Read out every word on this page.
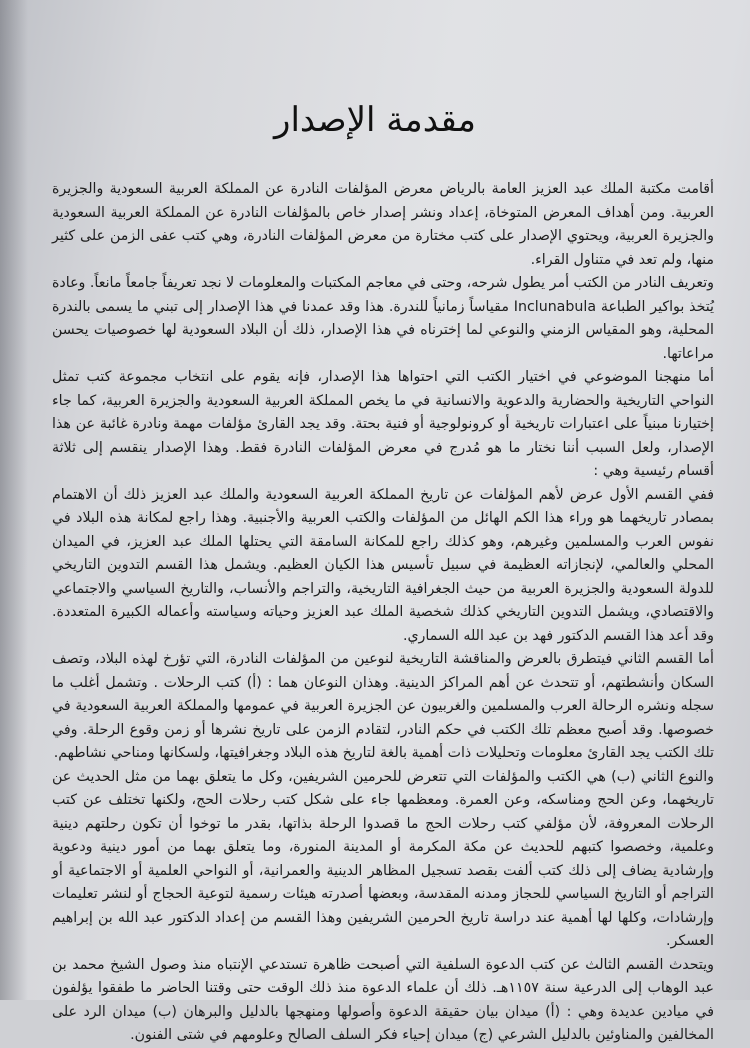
مقدمة الإصدار

أقامت مكتبة الملك عبد العزيز العامة بالرياض معرض المؤلفات النادرة عن المملكة العربية السعودية والجزيرة العربية. ومن أهداف المعرض المتوخاة، إعداد ونشر إصدار خاص بالمؤلفات النادرة عن المملكة العربية السعودية والجزيرة العربية، ويحتوي الإصدار على كتب مختارة من معرض المؤلفات النادرة، وهي كتب عفى الزمن على كثير منها، ولم تعد في متناول القراء.

وتعريف النادر من الكتب أمر يطول شرحه، وحتى في معاجم المكتبات والمعلومات لا نجد تعريفاً جامعاً مانعاً. وعادة يُتخذ بواكير الطباعة Inclunabula مقياساً زمانياً للندرة. هذا وقد عمدنا في هذا الإصدار إلى تبني ما يسمى بالندرة المحلية، وهو المقياس الزمني والنوعي لما إخترناه في هذا الإصدار، ذلك أن البلاد السعودية لها خصوصيات يحسن مراعاتها.

أما منهجنا الموضوعي في اختيار الكتب التي احتواها هذا الإصدار، فإنه يقوم على انتخاب مجموعة كتب تمثل النواحي التاريخية والحضارية والدعوية والانسانية في ما يخص المملكة العربية السعودية والجزيرة العربية، كما جاء إختيارنا مبنياً على اعتبارات تاريخية أو كرونولوجية أو فنية بحتة. وقد يجد القارئ مؤلفات مهمة ونادرة غائبة عن هذا الإصدار، ولعل السبب أننا نختار ما هو مُدرج في معرض المؤلفات النادرة فقط. وهذا الإصدار ينقسم إلى ثلاثة أقسام رئيسية وهي :

ففي القسم الأول عرض لأهم المؤلفات عن تاريخ المملكة العربية السعودية والملك عبد العزيز ذلك أن الاهتمام بمصادر تاريخهما هو وراء هذا الكم الهائل من المؤلفات والكتب العربية والأجنبية. وهذا راجع لمكانة هذه البلاد في نفوس العرب والمسلمين وغيرهم، وهو كذلك راجع للمكانة السامقة التي يحتلها الملك عبد العزيز، في الميدان المحلي والعالمي، لإنجازاته العظيمة في سبيل تأسيس هذا الكيان العظيم. ويشمل هذا القسم التدوين التاريخي للدولة السعودية والجزيرة العربية من حيث الجغرافية التاريخية، والتراجم والأنساب، والتاريخ السياسي والاجتماعي والاقتصادي، ويشمل التدوين التاريخي كذلك شخصية الملك عبد العزيز وحياته وسياسته وأعماله الكبيرة المتعددة. وقد أعد هذا القسم الدكتور فهد بن عبد الله السماري.

أما القسم الثاني فيتطرق بالعرض والمناقشة التاريخية لنوعين من المؤلفات النادرة، التي تؤرخ لهذه البلاد، وتصف السكان وأنشطتهم، أو تتحدث عن أهم المراكز الدينية. وهذان النوعان هما : (أ) كتب الرحلات . وتشمل أغلب ما سجله ونشره الرحالة العرب والمسلمين والغربيون عن الجزيرة العربية في عمومها والمملكة العربية السعودية في خصوصها. وقد أصبح معظم تلك الكتب في حكم النادر، لتقادم الزمن على تاريخ نشرها أو زمن وقوع الرحلة. وفي تلك الكتب يجد القارئ معلومات وتحليلات ذات أهمية بالغة لتاريخ هذه البلاد وجغرافيتها، ولسكانها ومناحي نشاطهم.

والنوع الثاني (ب) هي الكتب والمؤلفات التي تتعرض للحرمين الشريفين، وكل ما يتعلق بهما من مثل الحديث عن تاريخهما، وعن الحج ومناسكه، وعن العمرة. ومعظمها جاء على شكل كتب رحلات الحج، ولكنها تختلف عن كتب الرحلات المعروفة، لأن مؤلفي كتب رحلات الحج ما قصدوا الرحلة بذاتها، بقدر ما توخوا أن تكون رحلتهم دينية وعلمية، وخصصوا كتبهم للحديث عن مكة المكرمة أو المدينة المنورة، وما يتعلق بهما من أمور دينية ودعوية وإرشادية يضاف إلى ذلك كتب ألفت بقصد تسجيل المظاهر الدينية والعمرانية، أو النواحي العلمية أو الاجتماعية أو التراجم أو التاريخ السياسي للحجاز ومدنه المقدسة، وبعضها أصدرته هيئات رسمية لتوعية الحجاج أو لنشر تعليمات وإرشادات، وكلها لها أهمية عند دراسة تاريخ الحرمين الشريفين وهذا القسم من إعداد الدكتور عبد الله بن إبراهيم العسكر.

ويتحدث القسم الثالث عن كتب الدعوة السلفية التي أصبحت ظاهرة تستدعي الإنتباه منذ وصول الشيخ محمد بن عبد الوهاب إلى الدرعية سنة ١١٥٧هـ. ذلك أن علماء الدعوة منذ ذلك الوقت حتى وقتنا الحاضر ما طفقوا يؤلفون في ميادين عديدة وهي : (أ) ميدان بيان حقيقة الدعوة وأصولها ومنهجها بالدليل والبرهان (ب) ميدان الرد على المخالفين والمناوئين بالدليل الشرعي (ج) ميدان إحياء فكر السلف الصالح وعلومهم في شتى الفنون.
